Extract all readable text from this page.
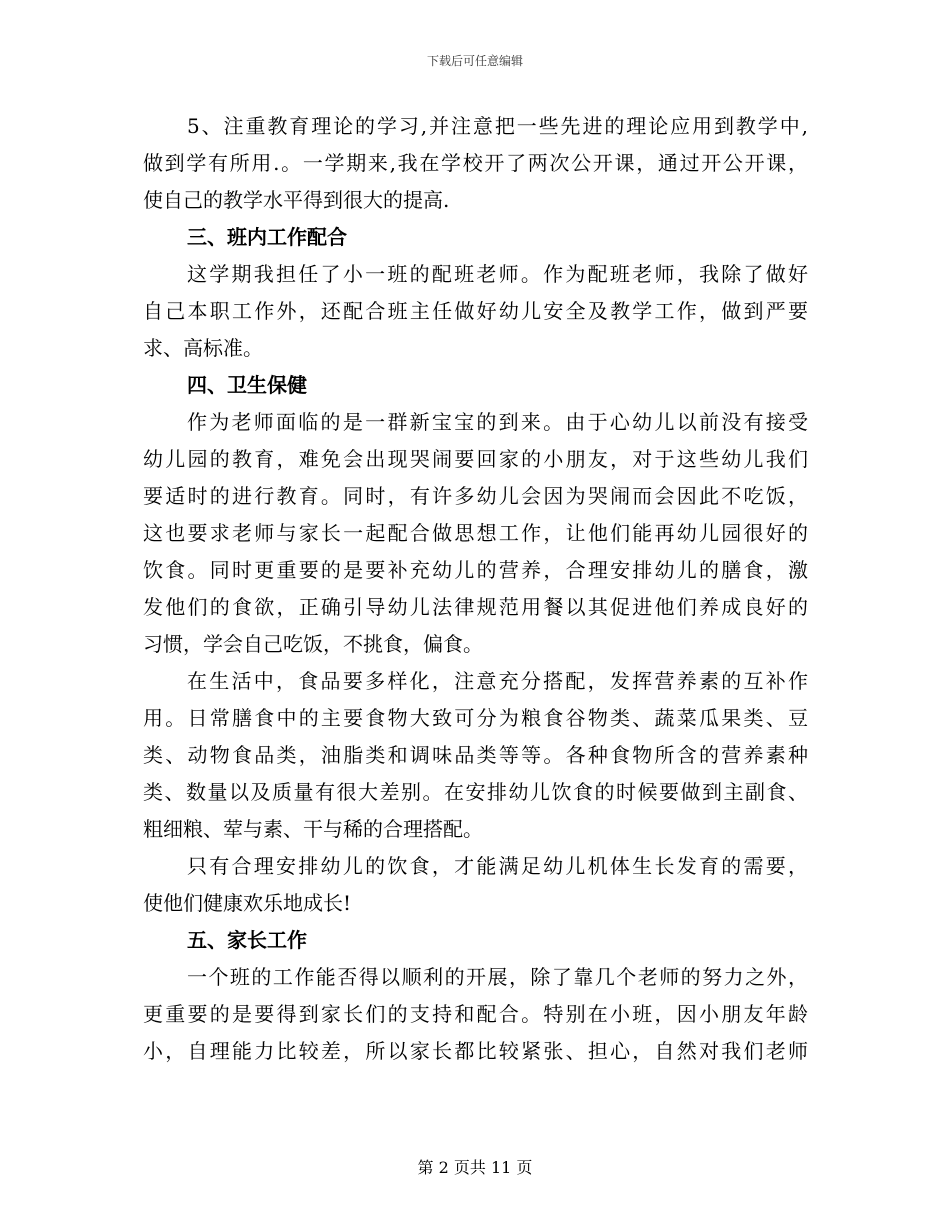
下载后可任意编辑
5、注重教育理论的学习,并注意把一些先进的理论应用到教学中,
做到学有所用.。一学期来,我在学校开了两次公开课，通过开公开课，
使自己的教学水平得到很大的提高.
三、班内工作配合
这学期我担任了小一班的配班老师。作为配班老师，我除了做好
自己本职工作外，还配合班主任做好幼儿安全及教学工作，做到严要
求、高标准。
四、卫生保健
作为老师面临的是一群新宝宝的到来。由于心幼儿以前没有接受
幼儿园的教育，难免会出现哭闹要回家的小朋友，对于这些幼儿我们
要适时的进行教育。同时，有许多幼儿会因为哭闹而会因此不吃饭，
这也要求老师与家长一起配合做思想工作，让他们能再幼儿园很好的
饮食。同时更重要的是要补充幼儿的营养，合理安排幼儿的膳食，激
发他们的食欲，正确引导幼儿法律规范用餐以其促进他们养成良好的
习惯，学会自己吃饭，不挑食，偏食。
在生活中，食品要多样化，注意充分搭配，发挥营养素的互补作
用。日常膳食中的主要食物大致可分为粮食谷物类、蔬菜瓜果类、豆
类、动物食品类，油脂类和调味品类等等。各种食物所含的营养素种
类、数量以及质量有很大差别。在安排幼儿饮食的时候要做到主副食、
粗细粮、荤与素、干与稀的合理搭配。
只有合理安排幼儿的饮食，才能满足幼儿机体生长发育的需要，
使他们健康欢乐地成长!
五、家长工作
一个班的工作能否得以顺利的开展，除了靠几个老师的努力之外，
更重要的是要得到家长们的支持和配合。特别在小班，因小朋友年龄
小，自理能力比较差，所以家长都比较紧张、担心，自然对我们老师
第 2 页共 11 页
